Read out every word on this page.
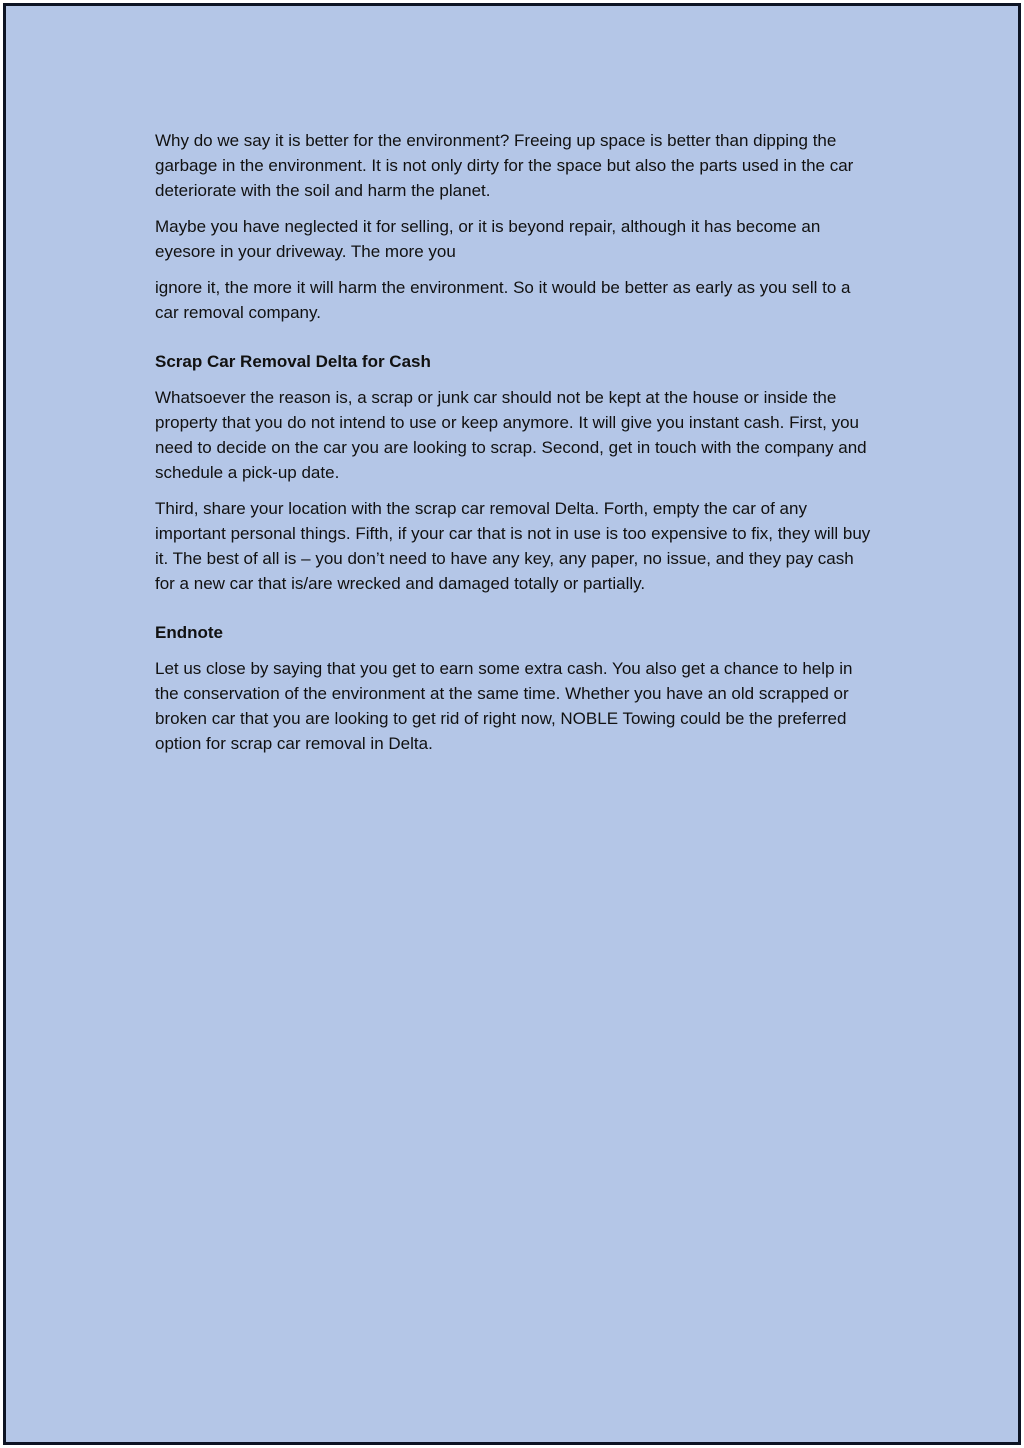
Why do we say it is better for the environment? Freeing up space is better than dipping the garbage in the environment. It is not only dirty for the space but also the parts used in the car deteriorate with the soil and harm the planet.

Maybe you have neglected it for selling, or it is beyond repair, although it has become an eyesore in your driveway. The more you

ignore it, the more it will harm the environment. So it would be better as early as you sell to a car removal company.

Scrap Car Removal Delta for Cash

Whatsoever the reason is, a scrap or junk car should not be kept at the house or inside the property that you do not intend to use or keep anymore. It will give you instant cash. First, you need to decide on the car you are looking to scrap. Second, get in touch with the company and schedule a pick-up date.

Third, share your location with the scrap car removal Delta. Forth, empty the car of any important personal things. Fifth, if your car that is not in use is too expensive to fix, they will buy it. The best of all is – you don’t need to have any key, any paper, no issue, and they pay cash for a new car that is/are wrecked and damaged totally or partially.

Endnote

Let us close by saying that you get to earn some extra cash. You also get a chance to help in the conservation of the environment at the same time. Whether you have an old scrapped or broken car that you are looking to get rid of right now, NOBLE Towing could be the preferred option for scrap car removal in Delta.
